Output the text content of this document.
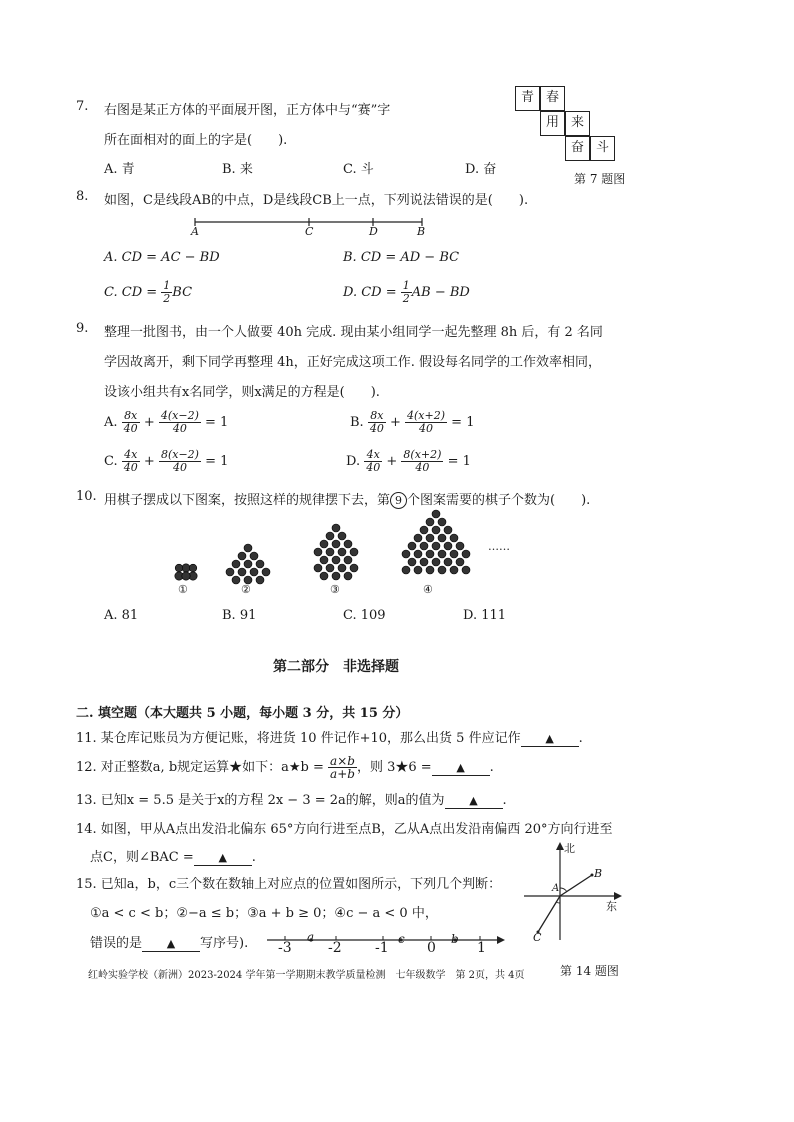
7. 右图是某正方体的平面展开图，正方体中与“赛”字
所在面相对的面上的字是(　　).
A. 青	B. 来	C. 斗	D. 奋
青 春
用 来
奋 斗
第 7 题图
8. 如图，C是线段AB的中点，D是线段CB上一点，下列说法错误的是(　　).
A	C	D	B
A. CD = AC − BD	B. CD = AD − BC
C. CD = $\frac{1}{2}$ BC	D. CD = $\frac{1}{2}$ AB − BD
9. 整理一批图书，由一个人做要 40h 完成. 现由某小组同学一起先整理 8h 后，有 2 名同
学因故离开，剩下同学再整理 4h，正好完成这项工作. 假设每名同学的工作效率相同，
设该小组共有x名同学，则x满足的方程是(　　).
A. $\frac{8x}{40} + \frac{4(x-2)}{40} = 1$	B. $\frac{8x}{40} + \frac{4(x+2)}{40} = 1$
C. $\frac{4x}{40} + \frac{8(x-2)}{40} = 1$	D. $\frac{4x}{40} + \frac{8(x+2)}{40} = 1$
10. 用棋子摆成以下图案，按照这样的规律摆下去，第 9 个图案需要的棋子个数为(　　).
①	②	③	④
……
A. 81	B. 91	C. 109	D. 111
第二部分　非选择题
二. 填空题（本大题共 5 小题，每小题 3 分，共 15 分）
11. 某仓库记账员为方便记账，将进货 10 件记作+10，那么出货 5 件应记作 ▲ .
12. 对正整数a, b规定运算★如下：a★b = $\frac{a\times b}{a+b}$ ，则 3★6 = ▲ .
13. 已知x = 5.5 是关于x的方程 2x − 3 = 2a的解，则a的值为 ▲ .
14. 如图，甲从A点出发沿北偏东 65°方向行进至点B，乙从A点出发沿南偏西 20°方向行进至
点C，则∠BAC = ▲ .
15. 已知a，b，c三个数在数轴上对应点的位置如图所示，下列几个判断：
①a < c < b；②−a ≤ b；③a + b ≥ 0；④c − a < 0 中，
错误的是 ▲ 写序号). -3	-2 -1	0	1
a	c	b
北
东
A
B
C
第 14 题图
红岭实验学校（新洲）2023-2024 学年第一学期期末教学质量检测　七年级数学　第 2页，共 4页
